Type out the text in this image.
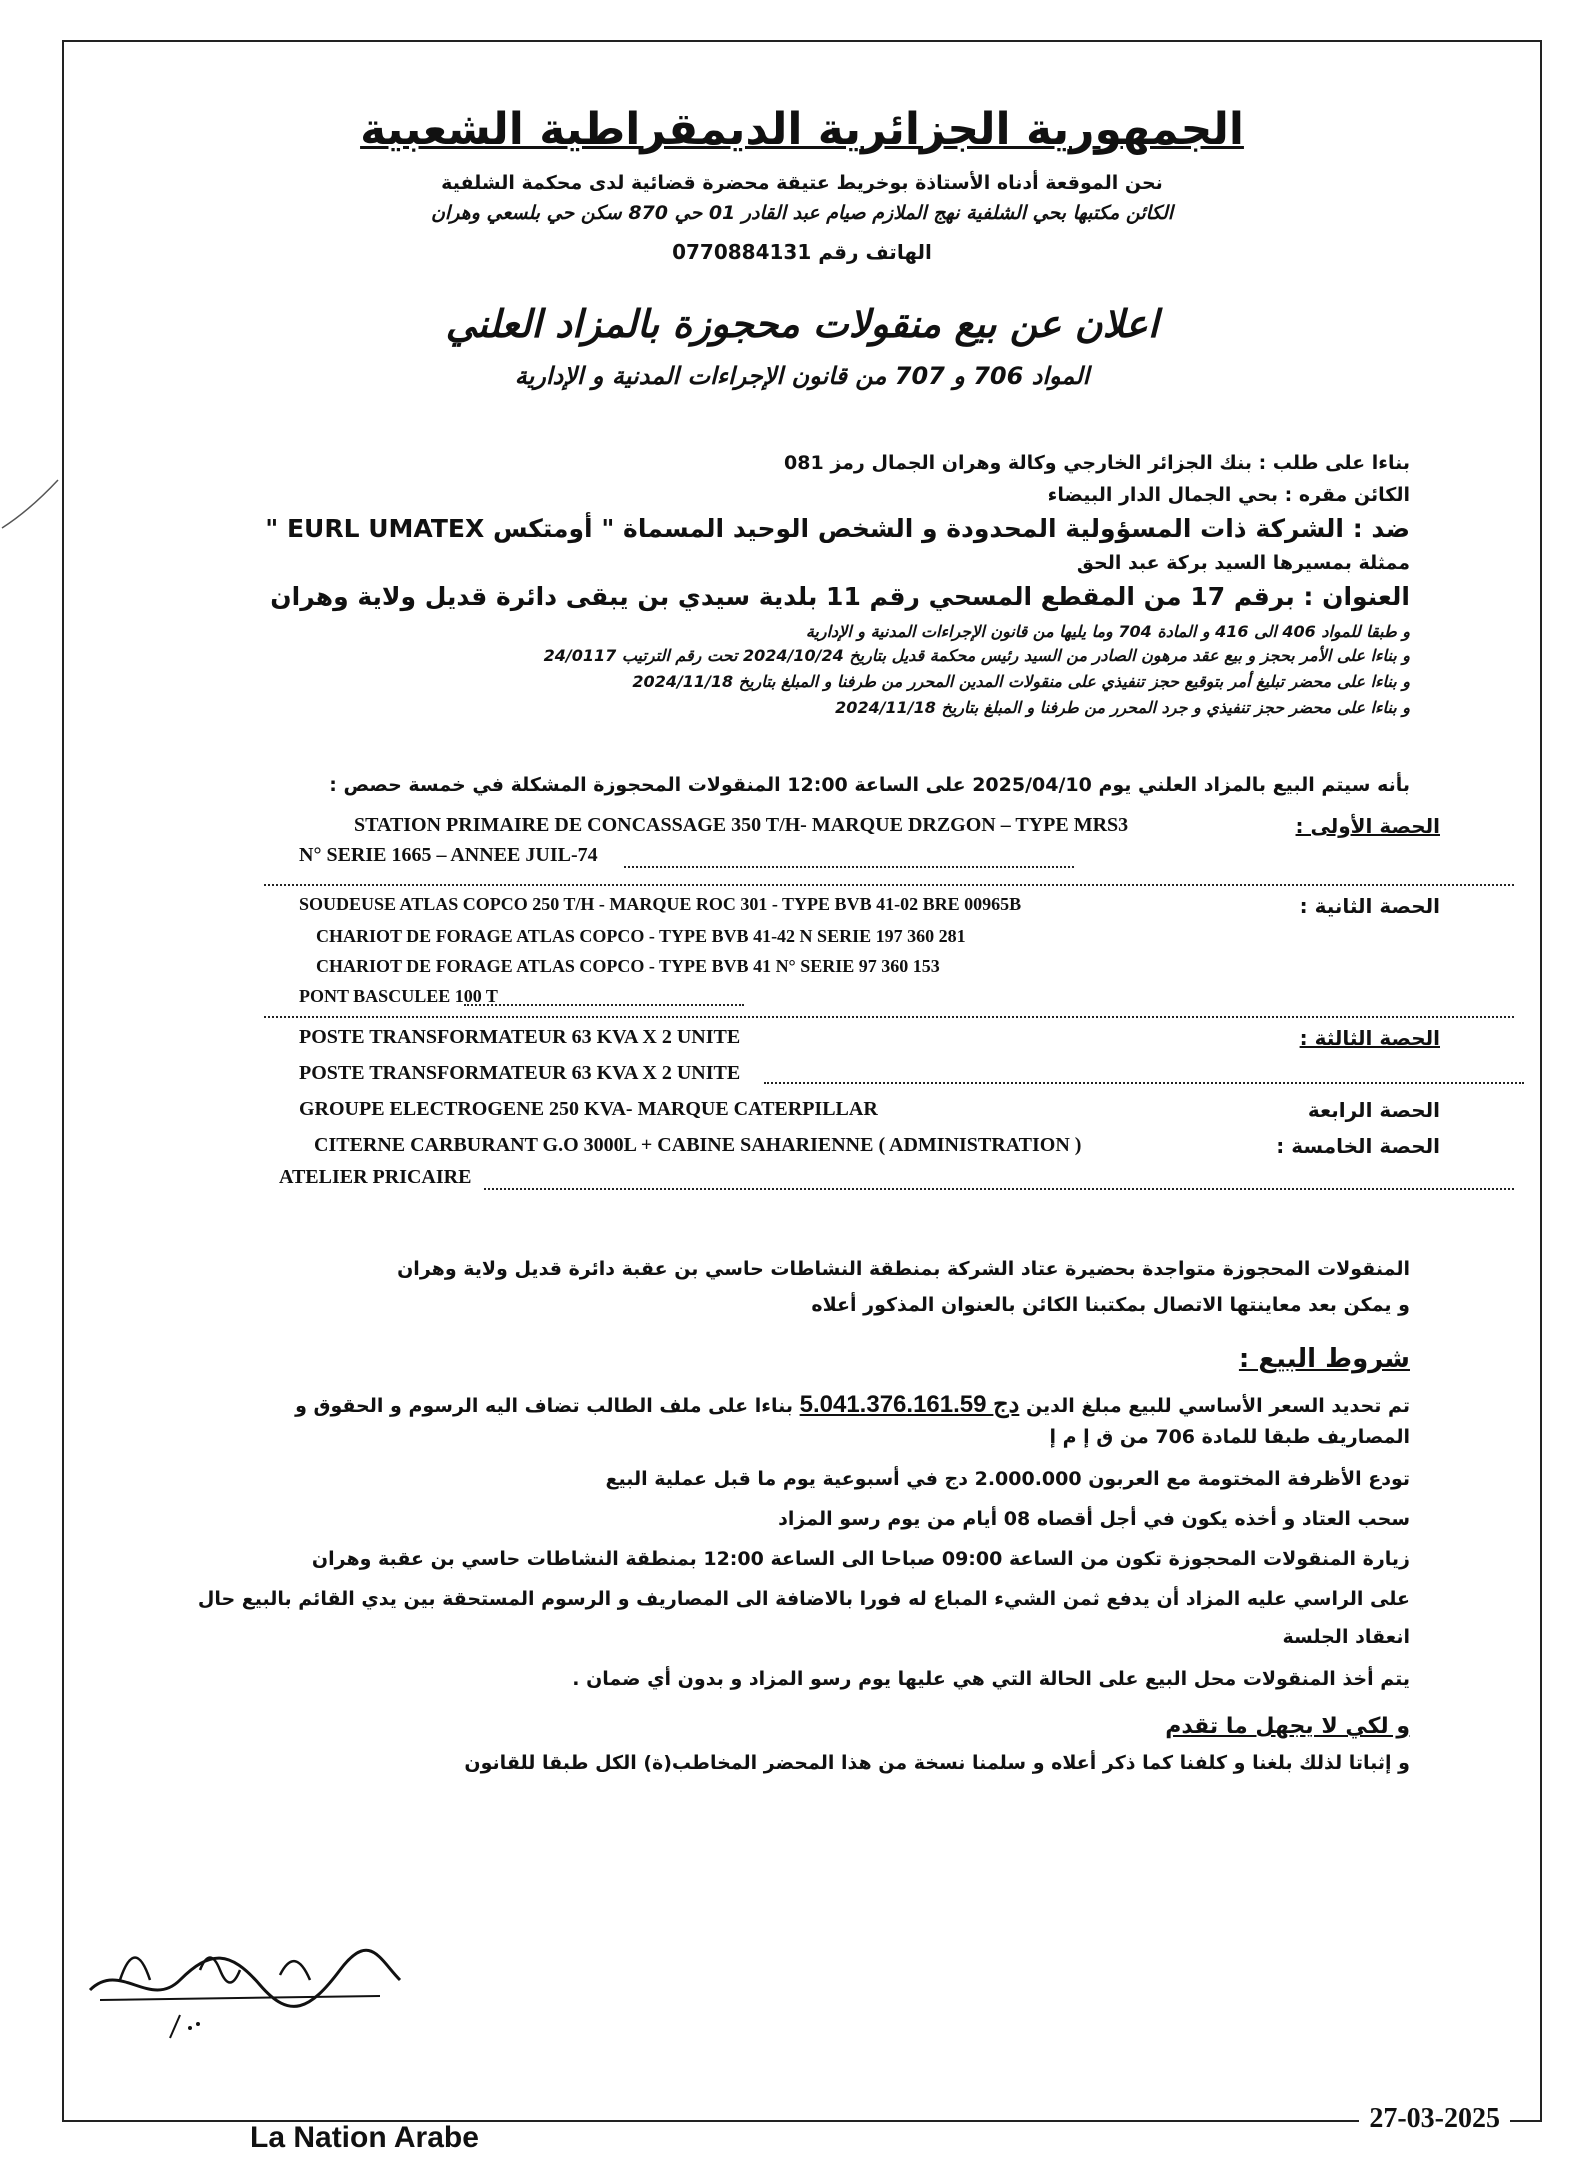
الجمهورية الجزائرية الديمقراطية الشعبية
نحن الموقعة أدناه الأستاذة بوخريط عتيقة محضرة قضائية لدى محكمة الشلفية
الكائن مكتبها بحي الشلفية نهج الملازم صيام عبد القادر 01 حي 870 سكن حي بلسعي وهران
الهاتف رقم 0770884131
اعلان عن بيع منقولات محجوزة بالمزاد العلني
المواد 706 و 707 من قانون الإجراءات المدنية و الإدارية
بناءا على طلب : بنك الجزائر الخارجي وكالة وهران الجمال رمز 081
الكائن مقره : بحي الجمال الدار البيضاء
ضد : الشركة ذات المسؤولية المحدودة و الشخص الوحيد المسماة " أومتكس EURL UMATEX "
ممثلة بمسيرها السيد بركة عبد الحق
العنوان : برقم 17 من المقطع المسحي رقم 11 بلدية سيدي بن يبقى دائرة قديل ولاية وهران
و طبقا للمواد 406 الى 416 و المادة 704 وما يليها من قانون الإجراءات المدنية و الإدارية
و بناءا على الأمر بحجز و بيع عقد مرهون الصادر من السيد رئيس محكمة قديل بتاريخ 2024/10/24 تحت رقم الترتيب 24/0117
و بناءا على محضر تبليغ أمر بتوقيع حجز تنفيذي على منقولات المدين المحرر من طرفنا و المبلغ بتاريخ 2024/11/18
و بناءا على محضر حجز تنفيذي و جرد المحرر من طرفنا و المبلغ بتاريخ 2024/11/18
بأنه سيتم البيع بالمزاد العلني يوم 2025/04/10 على الساعة 12:00 المنقولات المحجوزة المشكلة في خمسة حصص :
الحصة الأولى :
STATION PRIMAIRE DE CONCASSAGE 350 T/H- MARQUE DRZGON – TYPE MRS3
N° SERIE 1665 – ANNEE JUIL-74
الحصة الثانية :
SOUDEUSE ATLAS COPCO 250 T/H - MARQUE ROC 301 - TYPE BVB 41-02 BRE 00965B
CHARIOT DE FORAGE ATLAS COPCO - TYPE BVB 41-42 N SERIE 197 360 281
CHARIOT DE FORAGE ATLAS COPCO - TYPE BVB 41 N° SERIE 97 360 153
PONT BASCULEE 100 T
الحصة الثالثة :
POSTE TRANSFORMATEUR 63 KVA X 2 UNITE
POSTE TRANSFORMATEUR 63 KVA X 2 UNITE
الحصة الرابعة
GROUPE ELECTROGENE 250 KVA- MARQUE CATERPILLAR
الحصة الخامسة :
CITERNE CARBURANT G.O 3000L + CABINE SAHARIENNE ( ADMINISTRATION )
ATELIER PRICAIRE
المنقولات المحجوزة متواجدة بحضيرة عتاد الشركة بمنطقة النشاطات حاسي بن عقبة دائرة قديل ولاية وهران
و يمكن بعد معاينتها الاتصال بمكتبنا الكائن بالعنوان المذكور أعلاه
شروط البيع :
تم تحديد السعر الأساسي للبيع مبلغ الدين 5.041.376.161.59 دج بناءا على ملف الطالب تضاف اليه الرسوم و الحقوق و
المصاريف طبقا للمادة 706 من ق إ م إ
تودع الأظرفة المختومة مع العربون 2.000.000 دج في أسبوعية يوم ما قبل عملية البيع
سحب العتاد و أخذه يكون في أجل أقصاه 08 أيام من يوم رسو المزاد
زيارة المنقولات المحجوزة تكون من الساعة 09:00 صباحا الى الساعة 12:00 بمنطقة النشاطات حاسي بن عقبة وهران
على الراسي عليه المزاد أن يدفع ثمن الشيء المباع له فورا بالاضافة الى المصاريف و الرسوم المستحقة بين يدي القائم بالبيع حال
انعقاد الجلسة
يتم أخذ المنقولات محل البيع على الحالة التي هي عليها يوم رسو المزاد و بدون أي ضمان .
و لكي لا يجهل ما تقدم
و إثباتا لذلك بلغنا و كلفنا كما ذكر أعلاه و سلمنا نسخة من هذا المحضر المخاطب(ة) الكل طبقا للقانون
La Nation Arabe
27-03-2025
